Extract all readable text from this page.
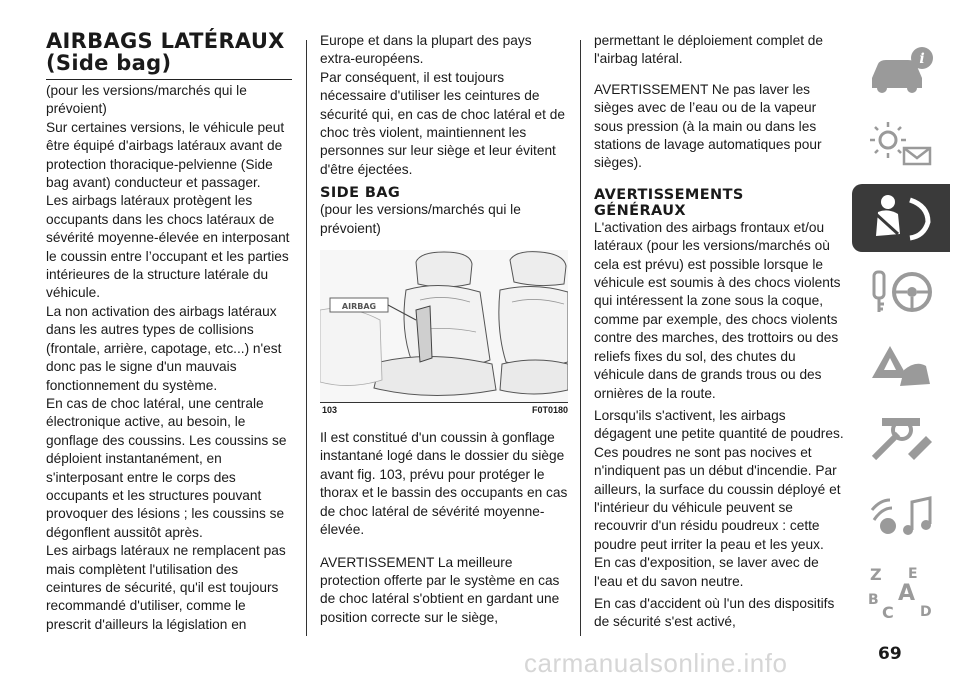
AIRBAGS LATÉRAUX
(Side bag)

(pour les versions/marchés qui le prévoient)

Sur certaines versions, le véhicule peut être équipé d'airbags latéraux avant de protection thoracique-pelvienne (Side bag avant) conducteur et passager.

Les airbags latéraux protègent les occupants dans les chocs latéraux de sévérité moyenne-élevée en interposant le coussin entre l’occupant et les parties intérieures de la structure latérale du véhicule.

La non activation des airbags latéraux dans les autres types de collisions (frontale, arrière, capotage, etc...) n'est donc pas le signe d'un mauvais fonctionnement du système.

En cas de choc latéral, une centrale électronique active, au besoin, le gonflage des coussins. Les coussins se déploient instantanément, en s'interposant entre le corps des occupants et les structures pouvant provoquer des lésions ; les coussins se dégonflent aussitôt après.

Les airbags latéraux ne remplacent pas mais complètent l'utilisation des ceintures de sécurité, qu'il est toujours recommandé d'utiliser, comme le prescrit d'ailleurs la législation en

Europe et dans la plupart des pays extra-européens.

Par conséquent, il est toujours nécessaire d'utiliser les ceintures de sécurité qui, en cas de choc latéral et de choc très violent, maintiennent les personnes sur leur siège et leur évitent d'être éjectées.

SIDE BAG

(pour les versions/marchés qui le prévoient)

AIRBAG
103	F0T0180

Il est constitué d'un coussin à gonflage instantané logé dans le dossier du siège avant fig. 103, prévu pour protéger le thorax et le bassin des occupants en cas de choc latéral de sévérité moyenne-élevée.

AVERTISSEMENT La meilleure protection offerte par le système en cas de choc latéral s'obtient en gardant une position correcte sur le siège,

permettant le déploiement complet de l'airbag latéral.

AVERTISSEMENT Ne pas laver les sièges avec de l’eau ou de la vapeur sous pression (à la main ou dans les stations de lavage automatiques pour sièges).

AVERTISSEMENTS
GÉNÉRAUX

L'activation des airbags frontaux et/ou latéraux (pour les versions/marchés où cela est prévu) est possible lorsque le véhicule est soumis à des chocs violents qui intéressent la zone sous la coque, comme par exemple, des chocs violents contre des marches, des trottoirs ou des reliefs fixes du sol, des chutes du véhicule dans de grands trous ou des ornières de la route.

Lorsqu'ils s'activent, les airbags dégagent une petite quantité de poudres. Ces poudres ne sont pas nocives et n'indiquent pas un début d'incendie. Par ailleurs, la surface du coussin déployé et l'intérieur du véhicule peuvent se recouvrir d'un résidu poudreux : cette poudre peut irriter la peau et les yeux. En cas d'exposition, se laver avec de l'eau et du savon neutre.

En cas d'accident où l'un des dispositifs de sécurité s'est activé,

i
Z E
A
B
C D
carmanualsonline.info	69
